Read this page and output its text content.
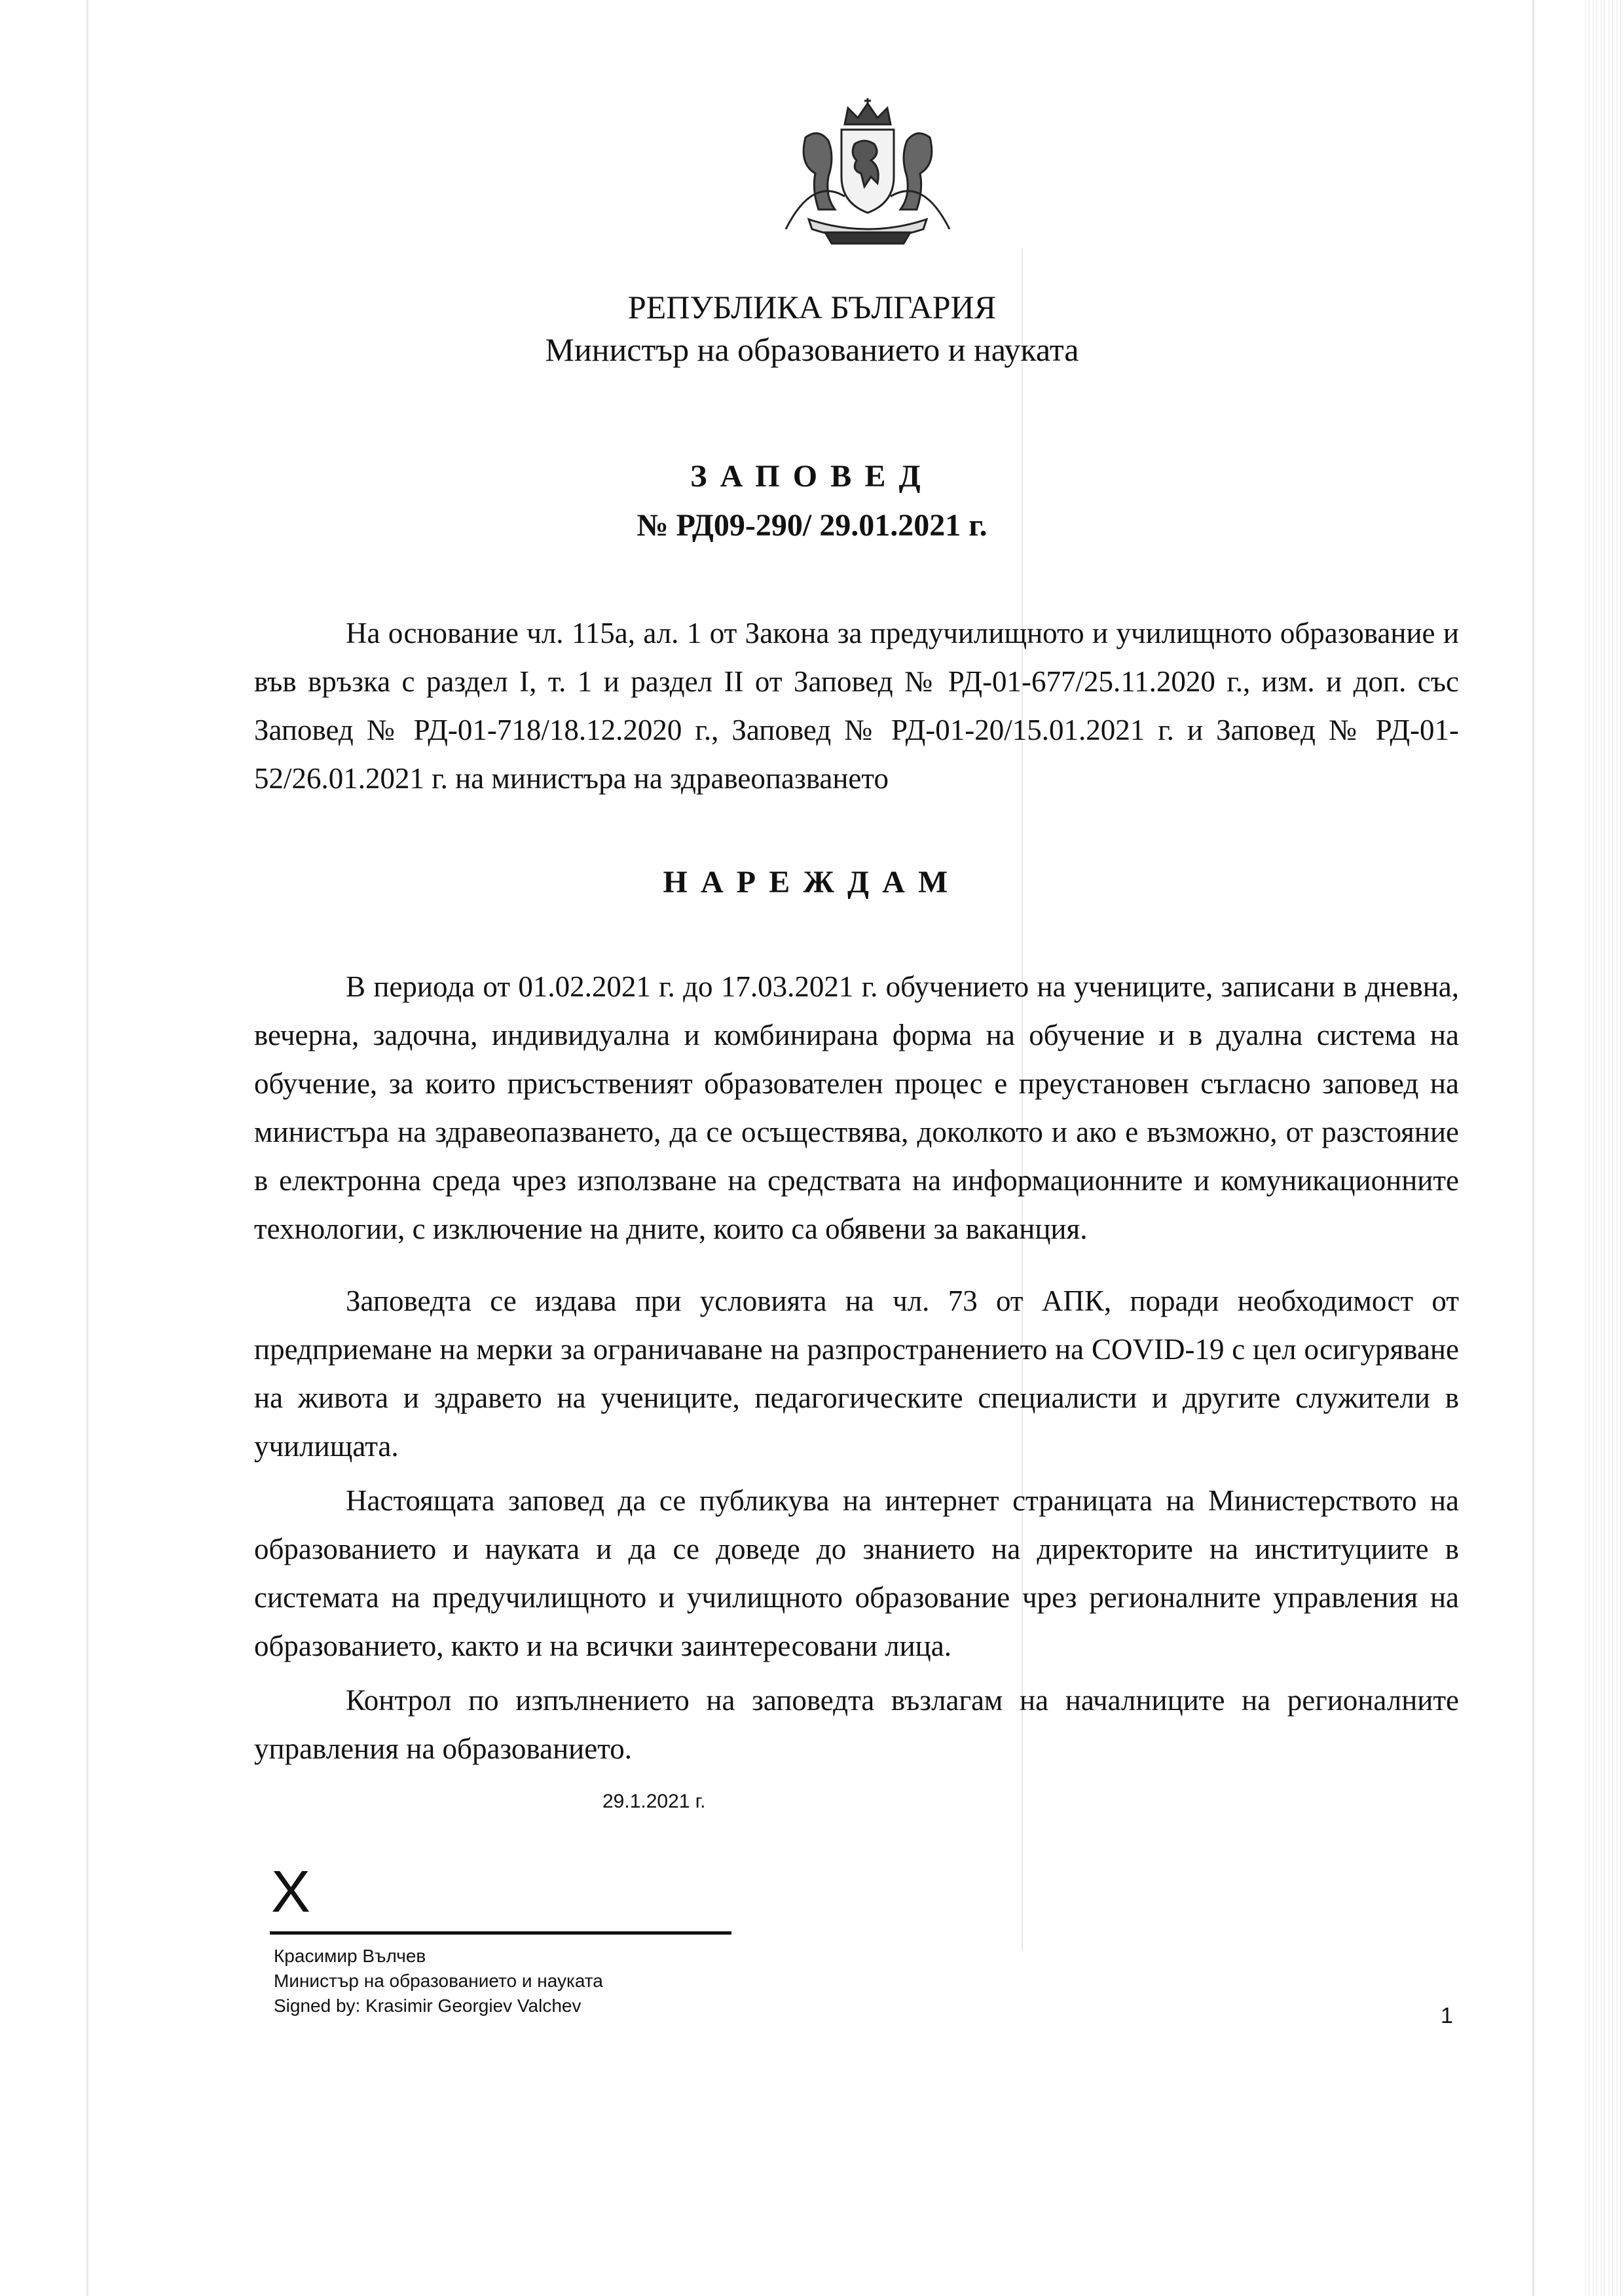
РЕПУБЛИКА БЪЛГАРИЯ
Министър на образованието и науката
ЗАПОВЕД
№ РД09-290/ 29.01.2021 г.

На основание чл. 115а, ал. 1 от Закона за предучилищното и училищното образование и във връзка с раздел I, т. 1 и раздел II от Заповед № РД-01-677/25.11.2020 г., изм. и доп. със Заповед № РД-01-718/18.12.2020 г., Заповед № РД-01-20/15.01.2021 г. и Заповед № РД-01-52/26.01.2021 г. на министъра на здравеопазването

НАРЕЖДАМ

В периода от 01.02.2021 г. до 17.03.2021 г. обучението на учениците, записани в дневна, вечерна, задочна, индивидуална и комбинирана форма на обучение и в дуална система на обучение, за които присъственият образователен процес е преустановен съгласно заповед на министъра на здравеопазването, да се осъществява, доколкото и ако е възможно, от разстояние в електронна среда чрез използване на средствата на информационните и комуникационните технологии, с изключение на дните, които са обявени за ваканция.

Заповедта се издава при условията на чл. 73 от АПК, поради необходимост от предприемане на мерки за ограничаване на разпространението на COVID-19 с цел осигуряване на живота и здравето на учениците, педагогическите специалисти и другите служители в училищата.

Настоящата заповед да се публикува на интернет страницата на Министерството на образованието и науката и да се доведе до знанието на директорите на институциите в системата на предучилищното и училищното образование чрез регионалните управления на образованието, както и на всички заинтересовани лица.

Контрол по изпълнението на заповедта възлагам на началниците на регионалните управления на образованието.

29.1.2021 г.
X
Красимир Вълчев
Министър на образованието и науката
Signed by: Krasimir Georgiev Valchev	1
